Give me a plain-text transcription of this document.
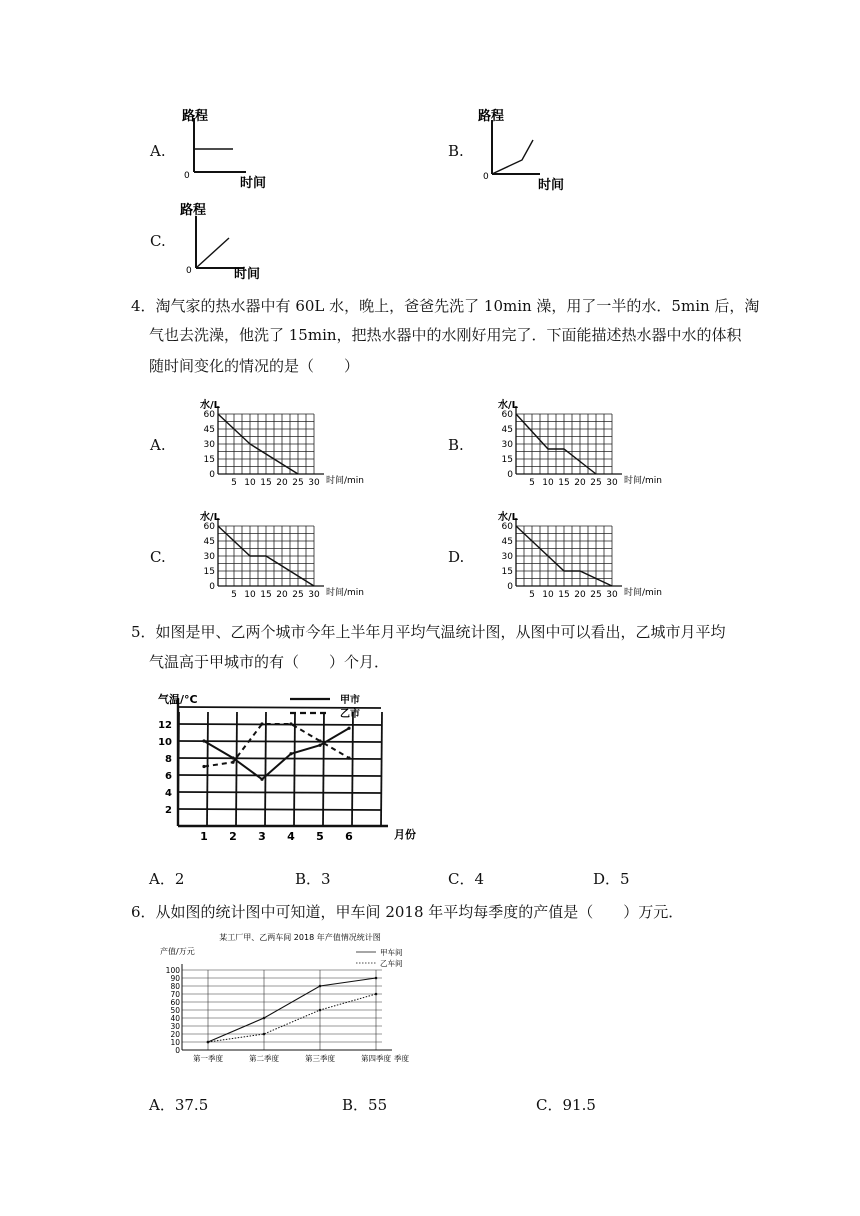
A.
路程
时间
0
B.
路程
时间
0
C.
路程
时间
0
4．淘气家的热水器中有 60L 水，晚上，爸爸先洗了 10min 澡，用了一半的水．5min 后，淘
气也去洗澡，他洗了 15min，把热水器中的水刚好用完了．下面能描述热水器中水的体积
随时间变化的情况的是（　　）
A.
水/L
时间/min
60
45
30
15
0
5 10 15 20 25 30
B.
水/L
时间/min
60
45
30
15
0
5 10 15 20 25 30
C.
水/L
时间/min
60
45
30
15
0
5 10 15 20 25 30
D.
水/L
时间/min
60
45
30
15
0
5 10 15 20 25 30
5．如图是甲、乙两个城市今年上半年月平均气温统计图，从图中可以看出，乙城市月平均
气温高于甲城市的有（　　）个月．
气温/°C
月份
2
4
6
8
10
12
1 2 3 4 5 6
甲市
乙市
A．2	B．3	C．4	D．5
6．从如图的统计图中可知道，甲车间 2018 年平均每季度的产值是（　　）万元．
某工厂甲、乙两车间 2018 年产值情况统计图
产值/万元
第一季度	第二季度	第三季度	第四季度 季度
0
10
20
30
40
50
60
70
80
90
100
甲车间
乙车间
A．37.5	B．55	C．91.5
